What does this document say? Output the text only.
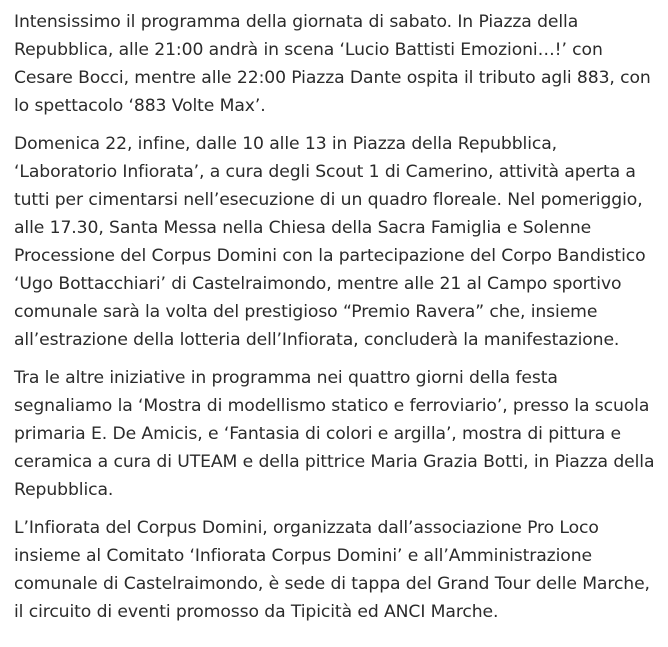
Intensissimo il programma della giornata di sabato. In Piazza della Repubblica, alle 21:00 andrà in scena ‘Lucio Battisti Emozioni…!’ con Cesare Bocci, mentre alle 22:00 Piazza Dante ospita il tributo agli 883, con lo spettacolo ‘883 Volte Max’.

Domenica 22, infine, dalle 10 alle 13 in Piazza della Repubblica, ‘Laboratorio Infiorata’, a cura degli Scout 1 di Camerino, attività aperta a tutti per cimentarsi nell’esecuzione di un quadro floreale. Nel pomeriggio, alle 17.30, Santa Messa nella Chiesa della Sacra Famiglia e Solenne Processione del Corpus Domini con la partecipazione del Corpo Bandistico ‘Ugo Bottacchiari’ di Castelraimondo, mentre alle 21 al Campo sportivo comunale sarà la volta del prestigioso “Premio Ravera” che, insieme all’estrazione della lotteria dell’Infiorata, concluderà la manifestazione.

Tra le altre iniziative in programma nei quattro giorni della festa segnaliamo la ‘Mostra di modellismo statico e ferroviario’, presso la scuola primaria E. De Amicis, e ‘Fantasia di colori e argilla’, mostra di pittura e ceramica a cura di UTEAM e della pittrice Maria Grazia Botti, in Piazza della Repubblica.

L’Infiorata del Corpus Domini, organizzata dall’associazione Pro Loco insieme al Comitato ‘Infiorata Corpus Domini’ e all’Amministrazione comunale di Castelraimondo, è sede di tappa del Grand Tour delle Marche, il circuito di eventi promosso da Tipicità ed ANCI Marche.
